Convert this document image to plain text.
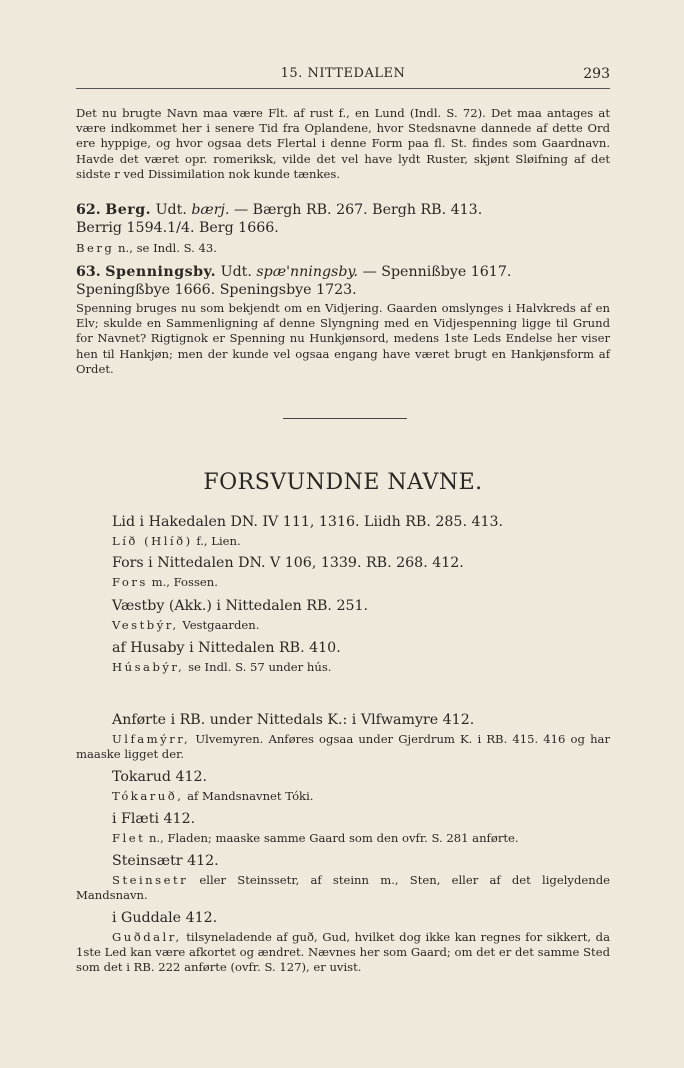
15. NITTEDALEN	293
Det nu brugte Navn maa være Flt. af rust f., en Lund (Indl. S. 72). Det maa antages at være indkommet her i senere Tid fra Oplandene, hvor Stedsnavne dannede af dette Ord ere hyppige, og hvor ogsaa dets Flertal i denne Form paa fl. St. findes som Gaardnavn. Havde det været opr. romeriksk, vilde det vel have lydt Ruster, skjønt Sløifning af det sidste r ved Dissimilation nok kunde tænkes.
62. Berg. Udt. bærj. — Bærgh RB. 267. Bergh RB. 413.
Berrig 1594.1/4. Berg 1666.
Berg n., se Indl. S. 43.
63. Spenningsby. Udt. spæ'nningsby. — Spennißbye 1617.
Speningßbye 1666. Speningsbye 1723.
Spenning bruges nu som bekjendt om en Vidjering. Gaarden omslynges i Halvkreds af en Elv; skulde en Sammenligning af denne Slyngning med en Vidjespenning ligge til Grund for Navnet? Rigtignok er Spenning nu Hunkjønsord, medens 1ste Leds Endelse her viser hen til Hankjøn; men der kunde vel ogsaa engang have været brugt en Hankjønsform af Ordet.
FORSVUNDNE NAVNE.
Lid i Hakedalen DN. IV 111, 1316. Liidh RB. 285. 413.
Líð (Hlíð) f., Lien.
Fors i Nittedalen DN. V 106, 1339. RB. 268. 412.
Fors m., Fossen.
Væstby (Akk.) i Nittedalen RB. 251.
Vestbýr, Vestgaarden.
af Husaby i Nittedalen RB. 410.
Húsabýr, se Indl. S. 57 under hús.
Anførte i RB. under Nittedals K.: i Vlfwamyre 412.
Ulfamýrr, Ulvemyren. Anføres ogsaa under Gjerdrum K. i RB. 415. 416 og har maaske ligget der.
Tokarud 412.
Tókaruð, af Mandsnavnet Tóki.
i Flæti 412.
Flet n., Fladen; maaske samme Gaard som den ovfr. S. 281 anførte.
Steinsætr 412.
Steinsetr eller Steinssetr, af steinn m., Sten, eller af det ligelydende Mandsnavn.
i Guddale 412.
Guðdalr, tilsyneladende af guð, Gud, hvilket dog ikke kan regnes for sikkert, da 1ste Led kan være afkortet og ændret. Nævnes her som Gaard; om det er det samme Sted som det i RB. 222 anførte (ovfr. S. 127), er uvist.
